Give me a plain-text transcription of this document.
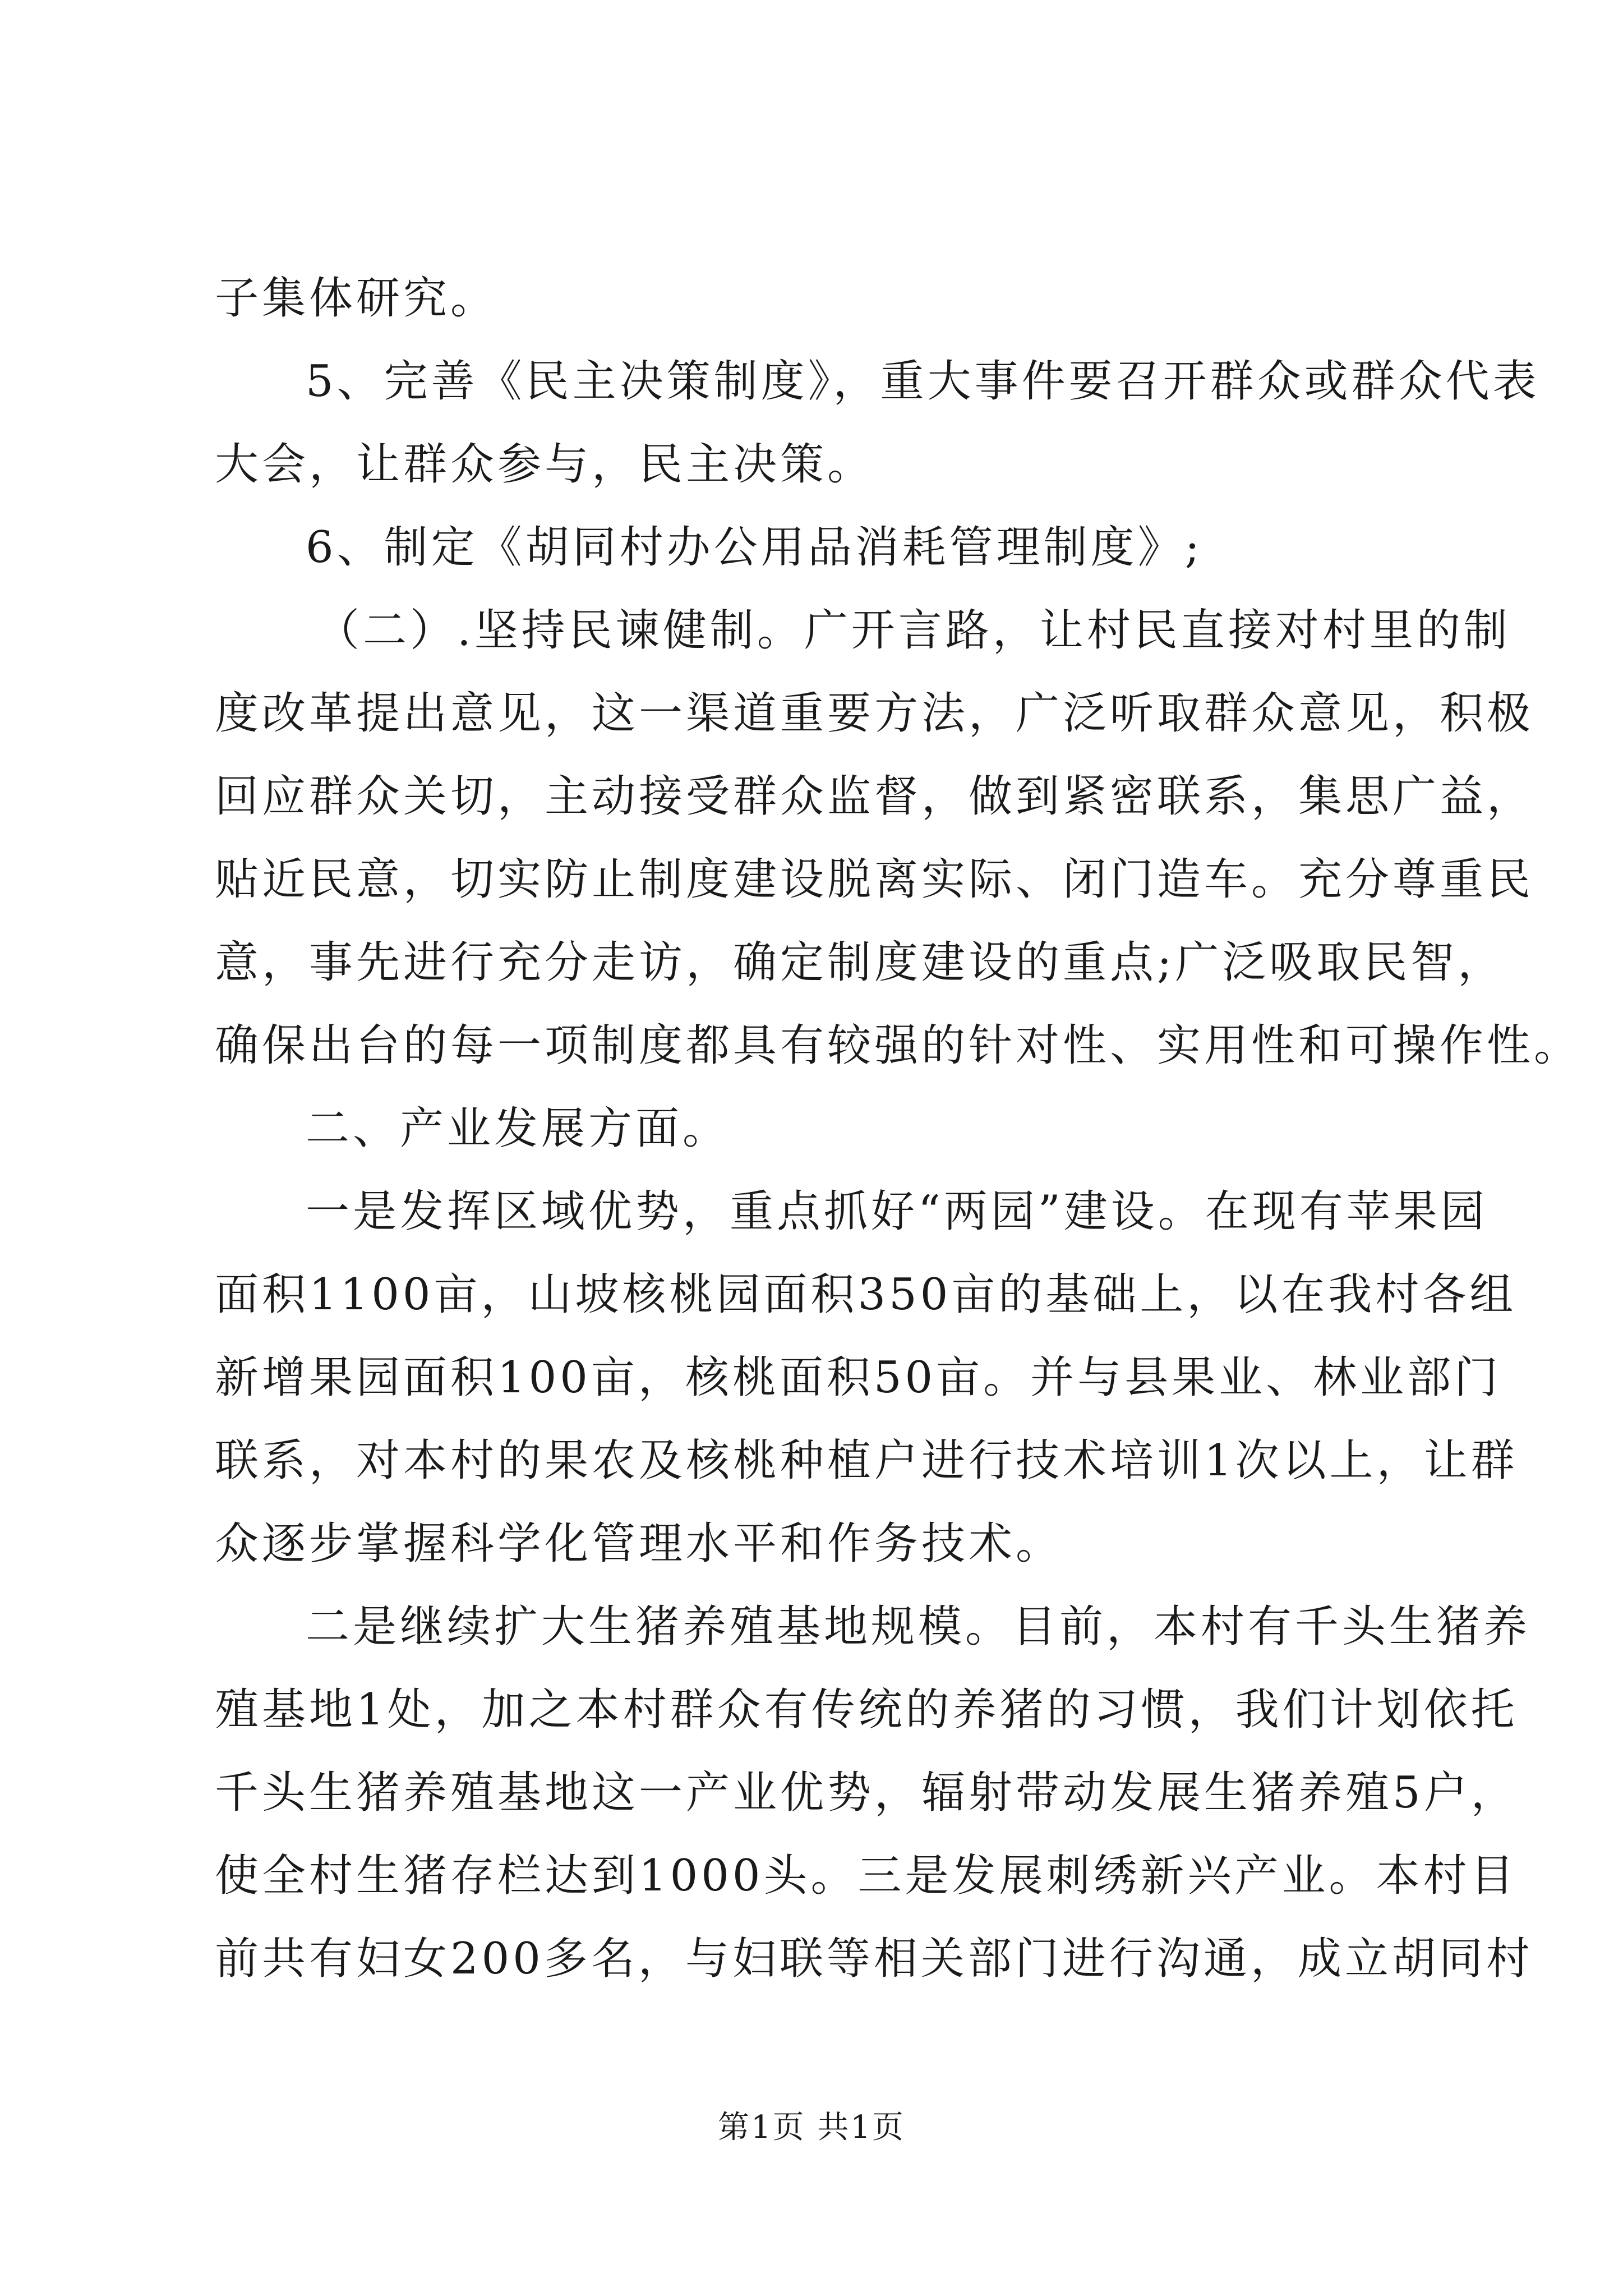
子集体研究。
5、完善《民主决策制度》，重大事件要召开群众或群众代表
大会，让群众参与，民主决策。
6、制定《胡同村办公用品消耗管理制度》;
（二）.坚持民谏健制。广开言路，让村民直接对村里的制
度改革提出意见，这一渠道重要方法，广泛听取群众意见，积极
回应群众关切，主动接受群众监督，做到紧密联系，集思广益，
贴近民意，切实防止制度建设脱离实际、闭门造车。充分尊重民
意，事先进行充分走访，确定制度建设的重点;广泛吸取民智，
确保出台的每一项制度都具有较强的针对性、实用性和可操作性。
二、产业发展方面。
一是发挥区域优势，重点抓好“两园”建设。在现有苹果园
面积1100亩，山坡核桃园面积350亩的基础上，以在我村各组
新增果园面积100亩，核桃面积50亩。并与县果业、林业部门
联系，对本村的果农及核桃种植户进行技术培训1次以上，让群
众逐步掌握科学化管理水平和作务技术。
二是继续扩大生猪养殖基地规模。目前，本村有千头生猪养
殖基地1处，加之本村群众有传统的养猪的习惯，我们计划依托
千头生猪养殖基地这一产业优势，辐射带动发展生猪养殖5户，
使全村生猪存栏达到1000头。三是发展刺绣新兴产业。本村目
前共有妇女200多名，与妇联等相关部门进行沟通，成立胡同村
第1页 共1页
